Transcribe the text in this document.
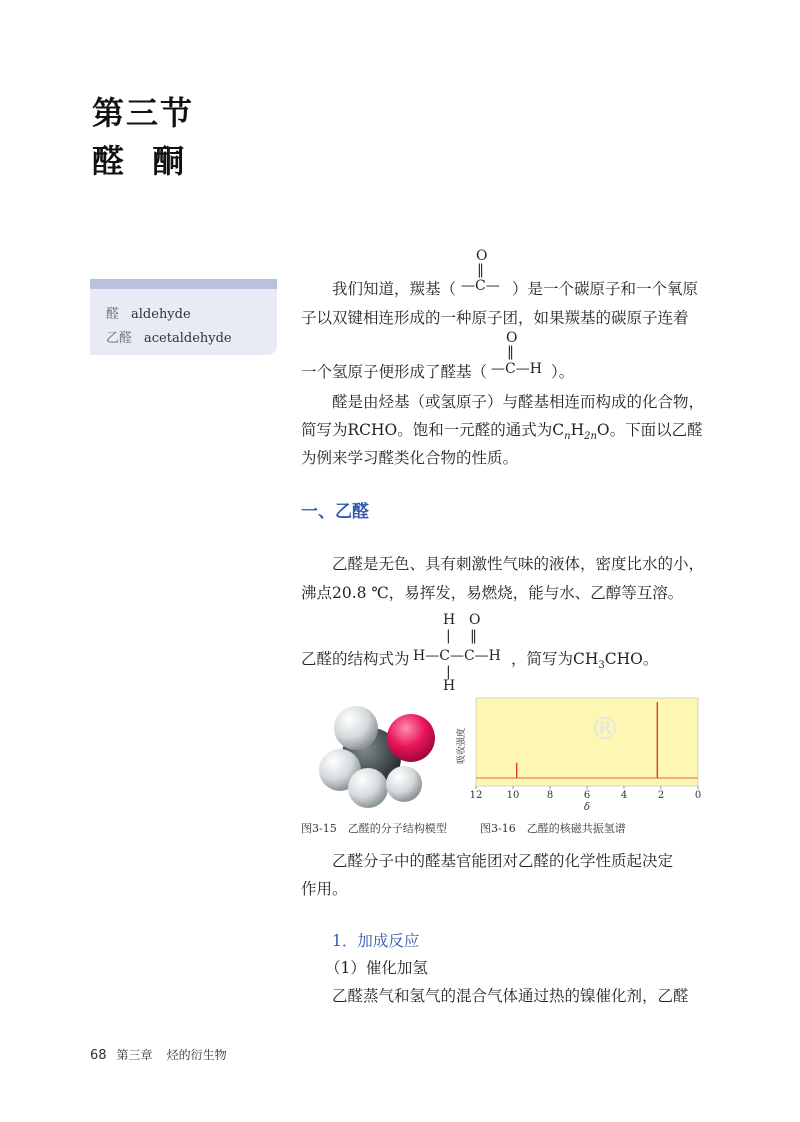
第三节
醛  酮
醛 aldehyde
乙醛 acetaldehyde
O
‖
我们知道，羰基（ —C— ）是一个碳原子和一个氧原
子以双键相连形成的一种原子团，如果羰基的碳原子连着
O
‖
一个氢原子便形成了醛基（ —C—H ）。
醛是由烃基（或氢原子）与醛基相连而构成的化合物，
简写为RCHO。饱和一元醛的通式为$C_nH_{2n}O$。下面以乙醛
为例来学习醛类化合物的性质。
一、乙醛
乙醛是无色、具有刺激性气味的液体，密度比水的小，
沸点20.8 ℃，易挥发，易燃烧，能与水、乙醇等互溶。
H O
| ‖
乙醛的结构式为 H—C—C—H ，简写为$CH_3CHO$。
|
H
12 10	8	6	4	2	0
吸收强度
δ
®
图3-15　乙醛的分子结构模型	图3-16　乙醛的核磁共振氢谱
乙醛分子中的醛基官能团对乙醛的化学性质起决定
作用。
1．加成反应
（1）催化加氢
乙醛蒸气和氢气的混合气体通过热的镍催化剂，乙醛
68 第三章 烃的衍生物
